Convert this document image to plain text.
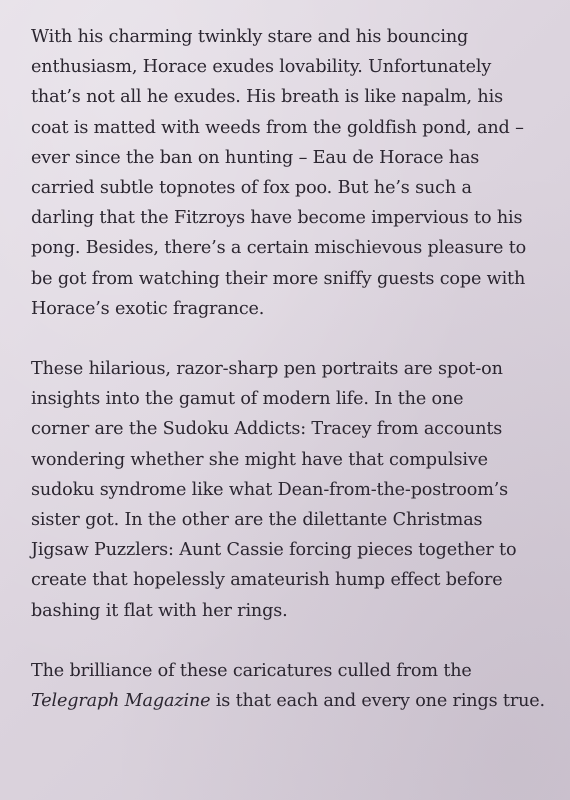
With his charming twinkly stare and his bouncing
enthusiasm, Horace exudes lovability. Unfortunately
that’s not all he exudes. His breath is like napalm, his
coat is matted with weeds from the goldfish pond, and –
ever since the ban on hunting – Eau de Horace has
carried subtle topnotes of fox poo. But he’s such a
darling that the Fitzroys have become impervious to his
pong. Besides, there’s a certain mischievous pleasure to
be got from watching their more sniffy guests cope with
Horace’s exotic fragrance.

These hilarious, razor-sharp pen portraits are spot-on
insights into the gamut of modern life. In the one
corner are the Sudoku Addicts: Tracey from accounts
wondering whether she might have that compulsive
sudoku syndrome like what Dean-from-the-postroom’s
sister got. In the other are the dilettante Christmas
Jigsaw Puzzlers: Aunt Cassie forcing pieces together to
create that hopelessly amateurish hump effect before
bashing it flat with her rings.

The brilliance of these caricatures culled from the
Telegraph Magazine is that each and every one rings true.
